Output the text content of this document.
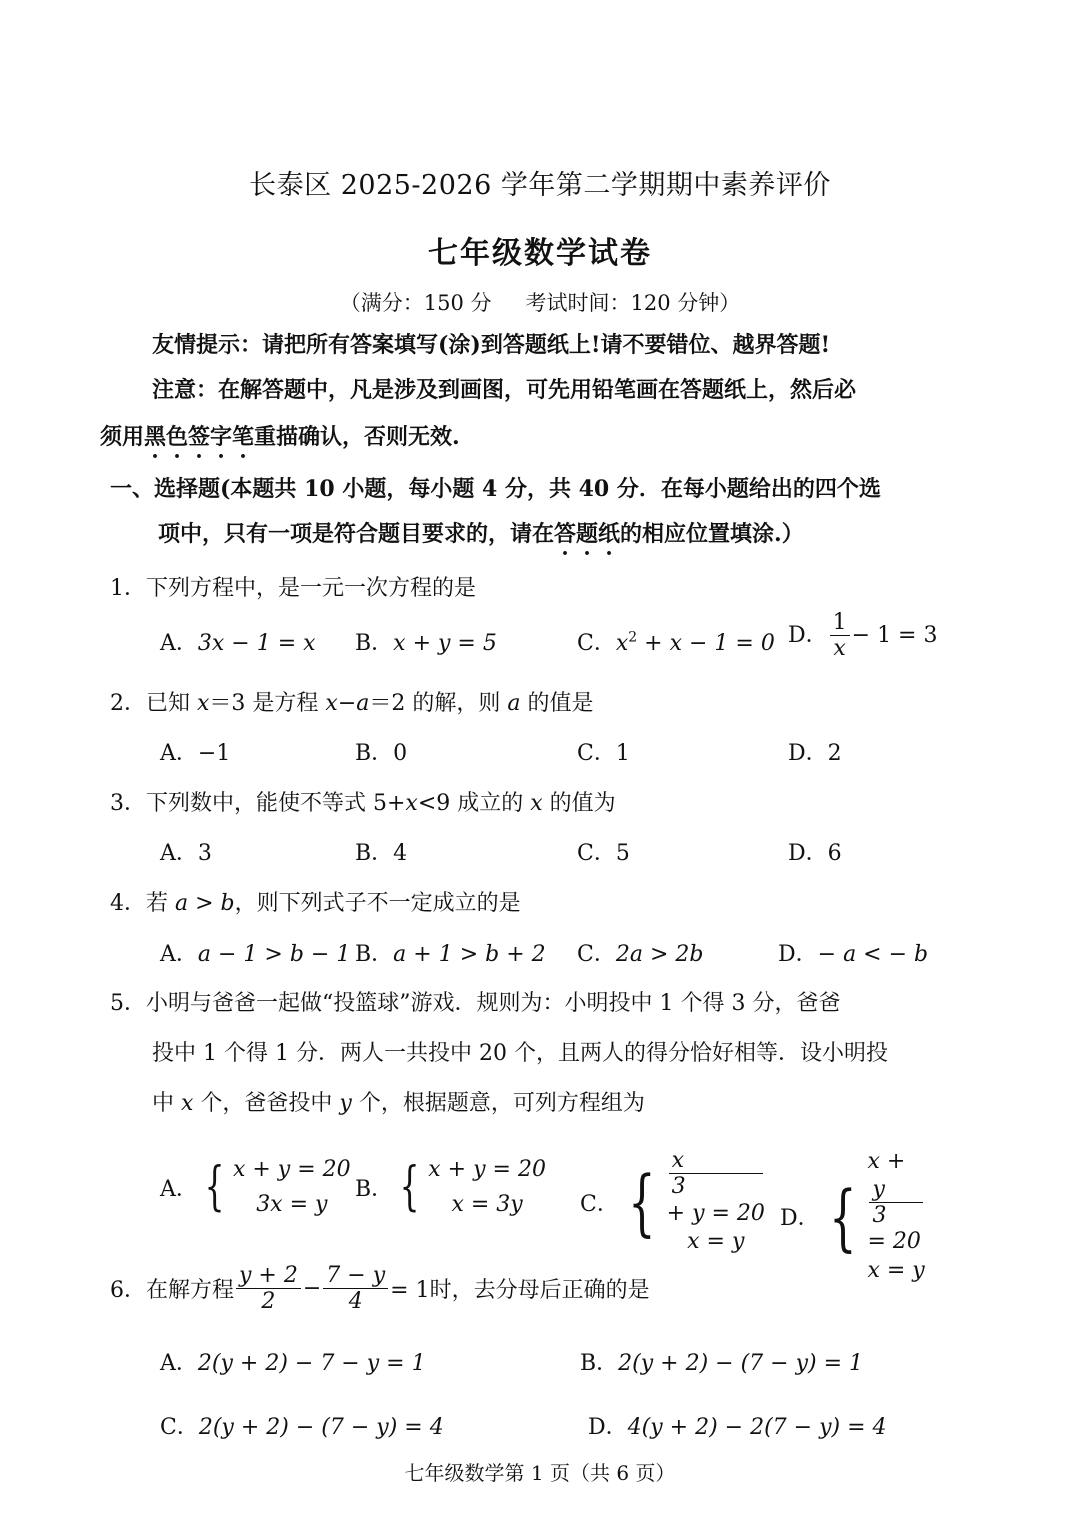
长泰区 2025-2026 学年第二学期期中素养评价
七年级数学试卷
（满分：150 分 考试时间：120 分钟）
友情提示：请把所有答案填写(涂)到答题纸上!请不要错位、越界答题!
注意：在解答题中，凡是涉及到画图，可先用铅笔画在答题纸上，然后必
须用黑色签字笔重描确认，否则无效.
一、选择题(本题共 10 小题，每小题 4 分，共 40 分．在每小题给出的四个选
项中，只有一项是符合题目要求的，请在答题纸的相应位置填涂.）
1．下列方程中，是一元一次方程的是
A．3x − 1 = x B．x + y = 5	C．$x^2 + x - 1 = 0$ D． $\frac{1}{x} - 1 = 3$
2．已知 x＝3 是方程 x−a＝2 的解，则 a 的值是
A．−1	B．0	C．1	D．2
3．下列数中，能使不等式 5+x<9 成立的 x 的值为
A．3	B．4	C．5	D．6
4．若 a > b，则下列式子不一定成立的是
A．a − 1 > b − 1 B．a + 1 > b + 2 C．2a > 2b	D．− a < − b
5．小明与爸爸一起做“投篮球”游戏．规则为：小明投中 1 个得 3 分，爸爸
投中 1 个得 1 分．两人一共投中 20 个，且两人的得分恰好相等．设小明投
中 x 个，爸爸投中 y 个，根据题意，可列方程组为
A． { x + y = 20
3x = y
B． { x + y = 20
x = 3y	C． { x
3
+ y = 20
x = y
D． {
x +
y
3
= 20
x = y
6．在解方程 $\frac{y + 2}{2} - \frac{7 - y}{4} = 1$时，去分母后正确的是
A．2(y + 2) − 7 − y = 1	B．2(y + 2) − (7 − y) = 1
C．2(y + 2) − (7 − y) = 4	D．4(y + 2) − 2(7 − y) = 4
七年级数学第 1 页（共 6 页）
